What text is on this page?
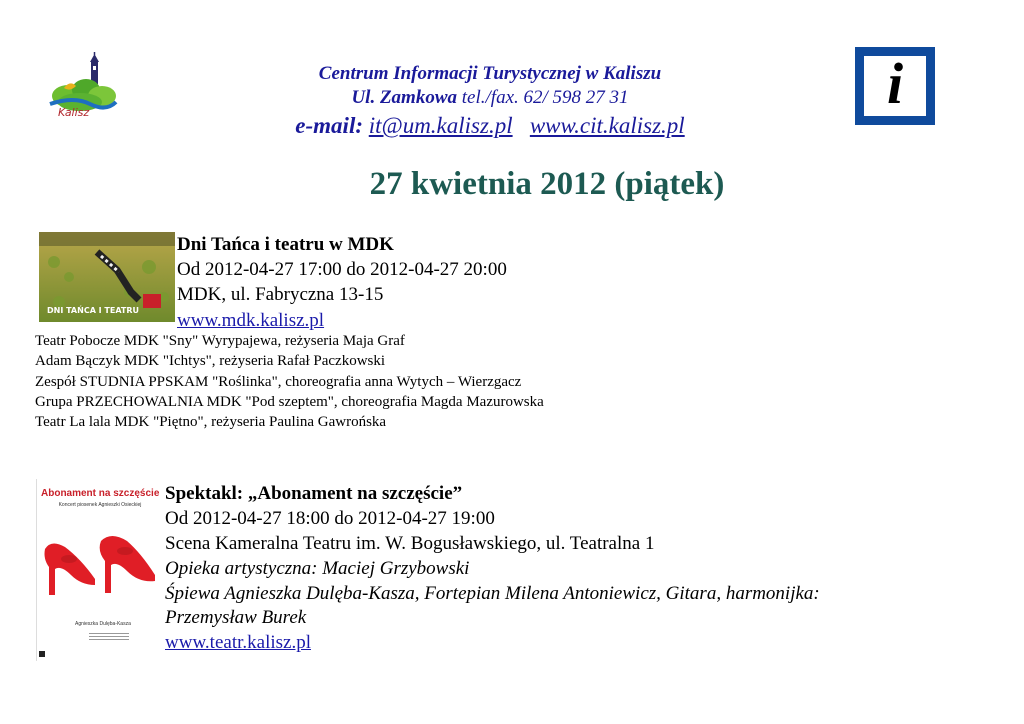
Kalisz	i
Centrum Informacji Turystycznej w Kaliszu
Ul. Zamkowa tel./fax. 62/ 598 27 31
e-mail: it@um.kalisz.pl www.cit.kalisz.pl
27 kwietnia 2012 (piątek)
DNI TAŃCA I TEATRU
Dni Tańca i teatru w MDK
Od 2012-04-27 17:00 do 2012-04-27 20:00
MDK, ul. Fabryczna 13-15
www.mdk.kalisz.pl
Teatr Pobocze MDK "Sny" Wyrypajewa, reżyseria Maja Graf
Adam Bączyk MDK "Ichtys", reżyseria Rafał Paczkowski
Zespół STUDNIA PPSKAM "Roślinka", choreografia anna Wytych – Wierzgacz
Grupa PRZECHOWALNIA MDK "Pod szeptem", choreografia Magda Mazurowska
Teatr La lala MDK "Piętno", reżyseria Paulina Gawrońska
Abonament na szczęście
Koncert piosenek Agnieszki Osieckiej
Agnieszka Dulęba-Kasza
Spektakl: „Abonament na szczęście”
Od 2012-04-27 18:00 do 2012-04-27 19:00
Scena Kameralna Teatru im. W. Bogusławskiego, ul. Teatralna 1
Opieka artystyczna: Maciej Grzybowski
Śpiewa Agnieszka Dulęba-Kasza, Fortepian Milena Antoniewicz, Gitara, harmonijka:
Przemysław Burek
www.teatr.kalisz.pl
